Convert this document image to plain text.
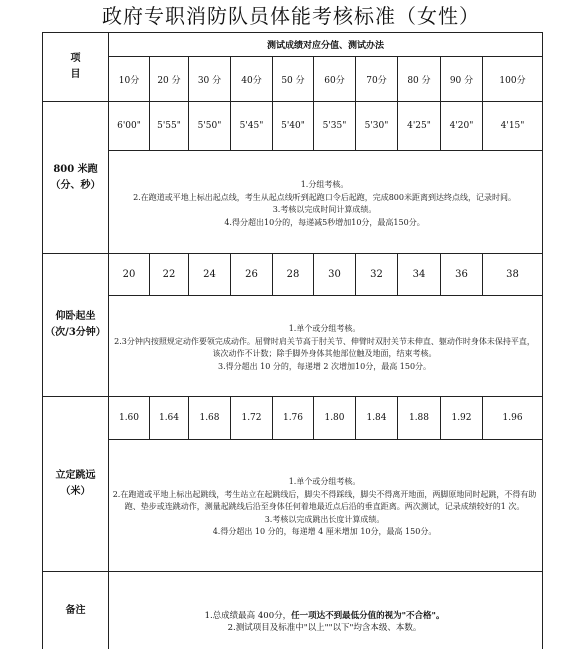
政府专职消防队员体能考核标准（女性）
项
目	测试成绩对应分值、测试办法									
	10分	20 分	30 分	40分	50 分	60分	70分	80 分	90 分	100分

800 米跑
（分、秒）	6'00"	5'55"	5'50"	5'45"	5'40"	5'35"	5'30"	4'25"	4'20"	4'15"

	1.分组考核。
2.在跑道或平地上标出起点线，考生从起点线听到起跑口令后起跑，完成800米距离到达终点线，记录时间。
3.考核以完成时间计算成绩。
4.得分超出10分的，每递减5秒增加10分，最高150分。									

仰卧起坐
（次/3分钟）	20	22	24	26	28	30	32	34	36	38

	1.单个或分组考核。
2.3分钟内按照规定动作要领完成动作。屈臂时肩关节高于肘关节、伸臂时双肘关节未伸直、躯动作时身体未保持平直，该次动作不计数；除手脚外身体其他部位触及地面，结束考核。
3.得分超出 10 分的，每递增 2 次增加10分，最高 150分。									

立定跳远
（米）	1.60	1.64	1.68	1.72	1.76	1.80	1.84	1.88	1.92	1.96

	1.单个或分组考核。
2.在跑道或平地上标出起跳线，考生站立在起跳线后，脚尖不得踩线，脚尖不得离开地面，两脚原地同时起跳，不得有助跑、垫步或连跳动作，测量起跳线后沿至身体任何着地最近点后沿的垂直距离。两次测试，记录成绩较好的1 次。
3.考核以完成跳出长度计算成绩。
4.得分超出 10 分的，每递增 4 厘米增加 10分，最高 150分。									

备注	1.总成绩最高 400分，任一项达不到最低分值的视为"不合格"。
2.测试项目及标准中"以上""以下"均含本级、本数。									
